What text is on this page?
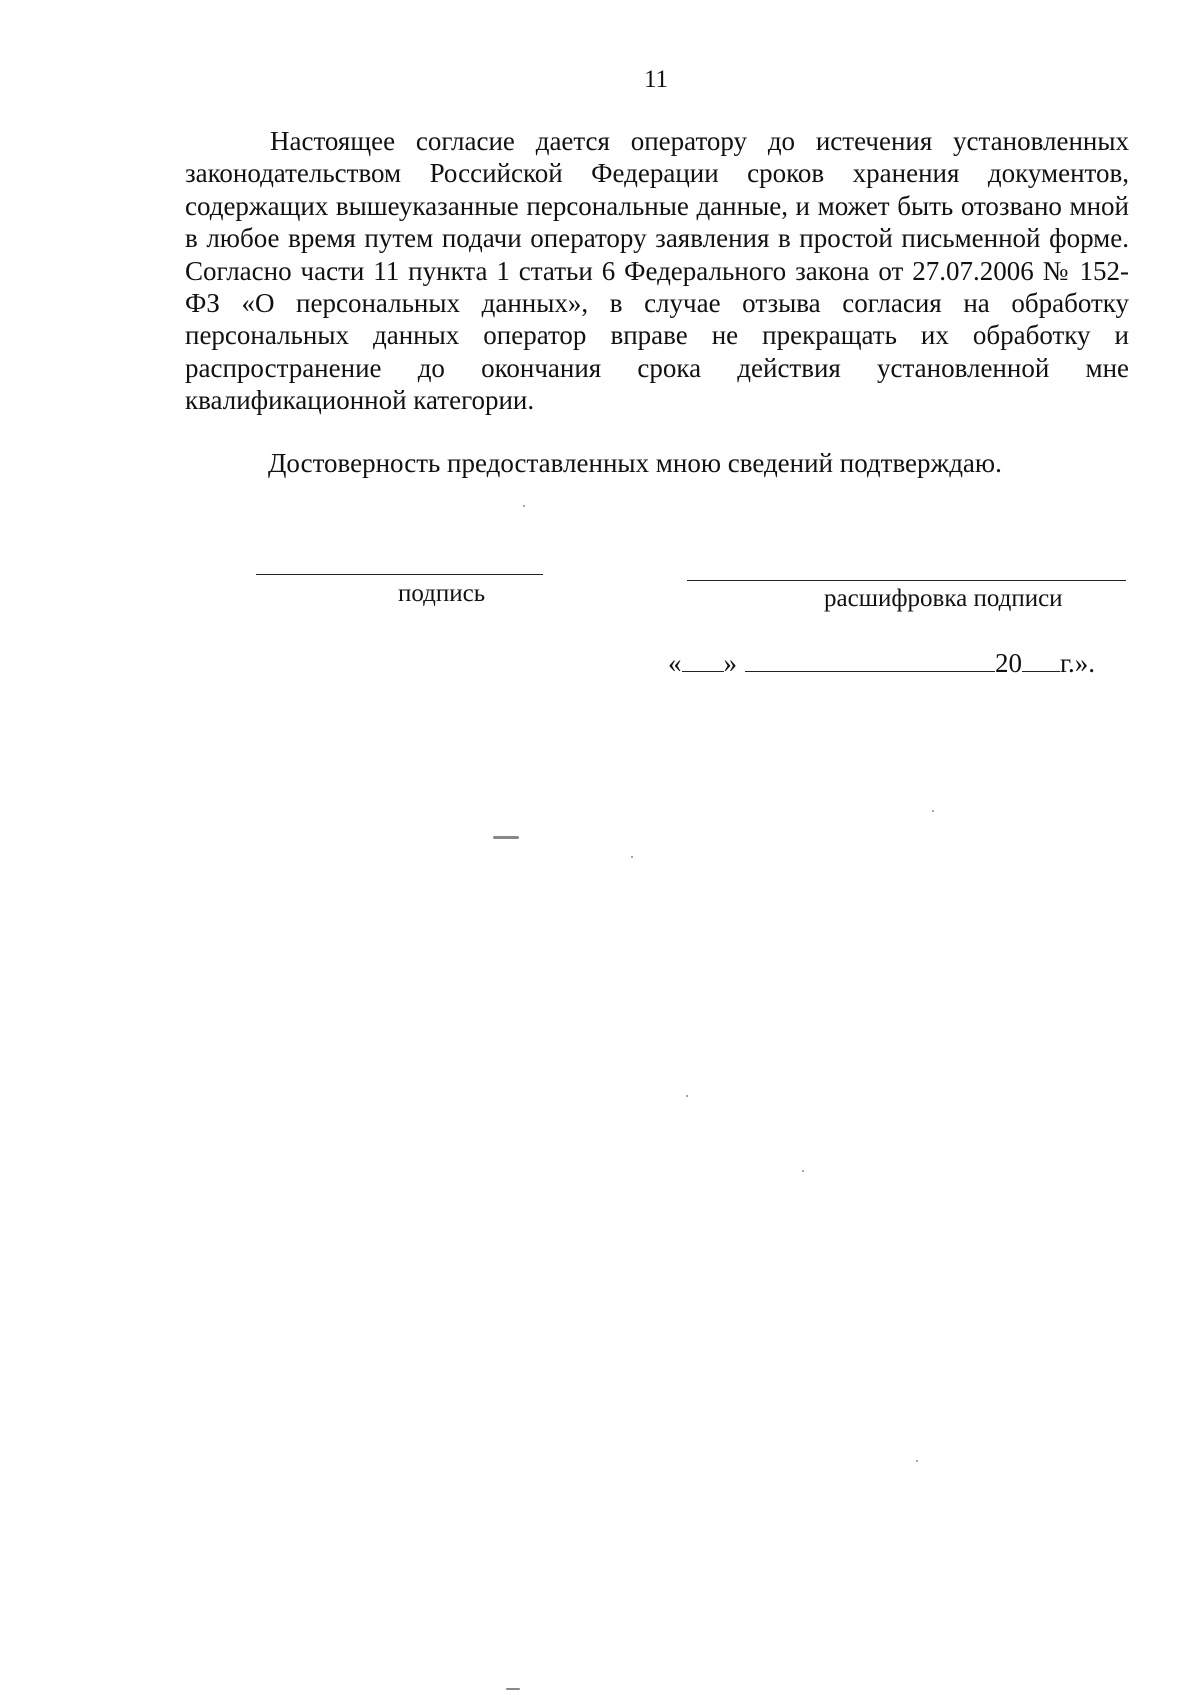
11

Настоящее согласие дается оператору до истечения установленных законодательством Российской Федерации сроков хранения документов, содержащих вышеуказанные персональные данные, и может быть отозвано мной в любое время путем подачи оператору заявления в простой письменной форме. Согласно части 11 пункта 1 статьи 6 Федерального закона от 27.07.2006 № 152-ФЗ «О персональных данных», в случае отзыва согласия на обработку персональных данных оператор вправе не прекращать их обработку и распространение до окончания срока действия установленной мне квалификационной категории.

Достоверность предоставленных мною сведений подтверждаю.
подпись	расшифровка подписи
« »	20 г.».
